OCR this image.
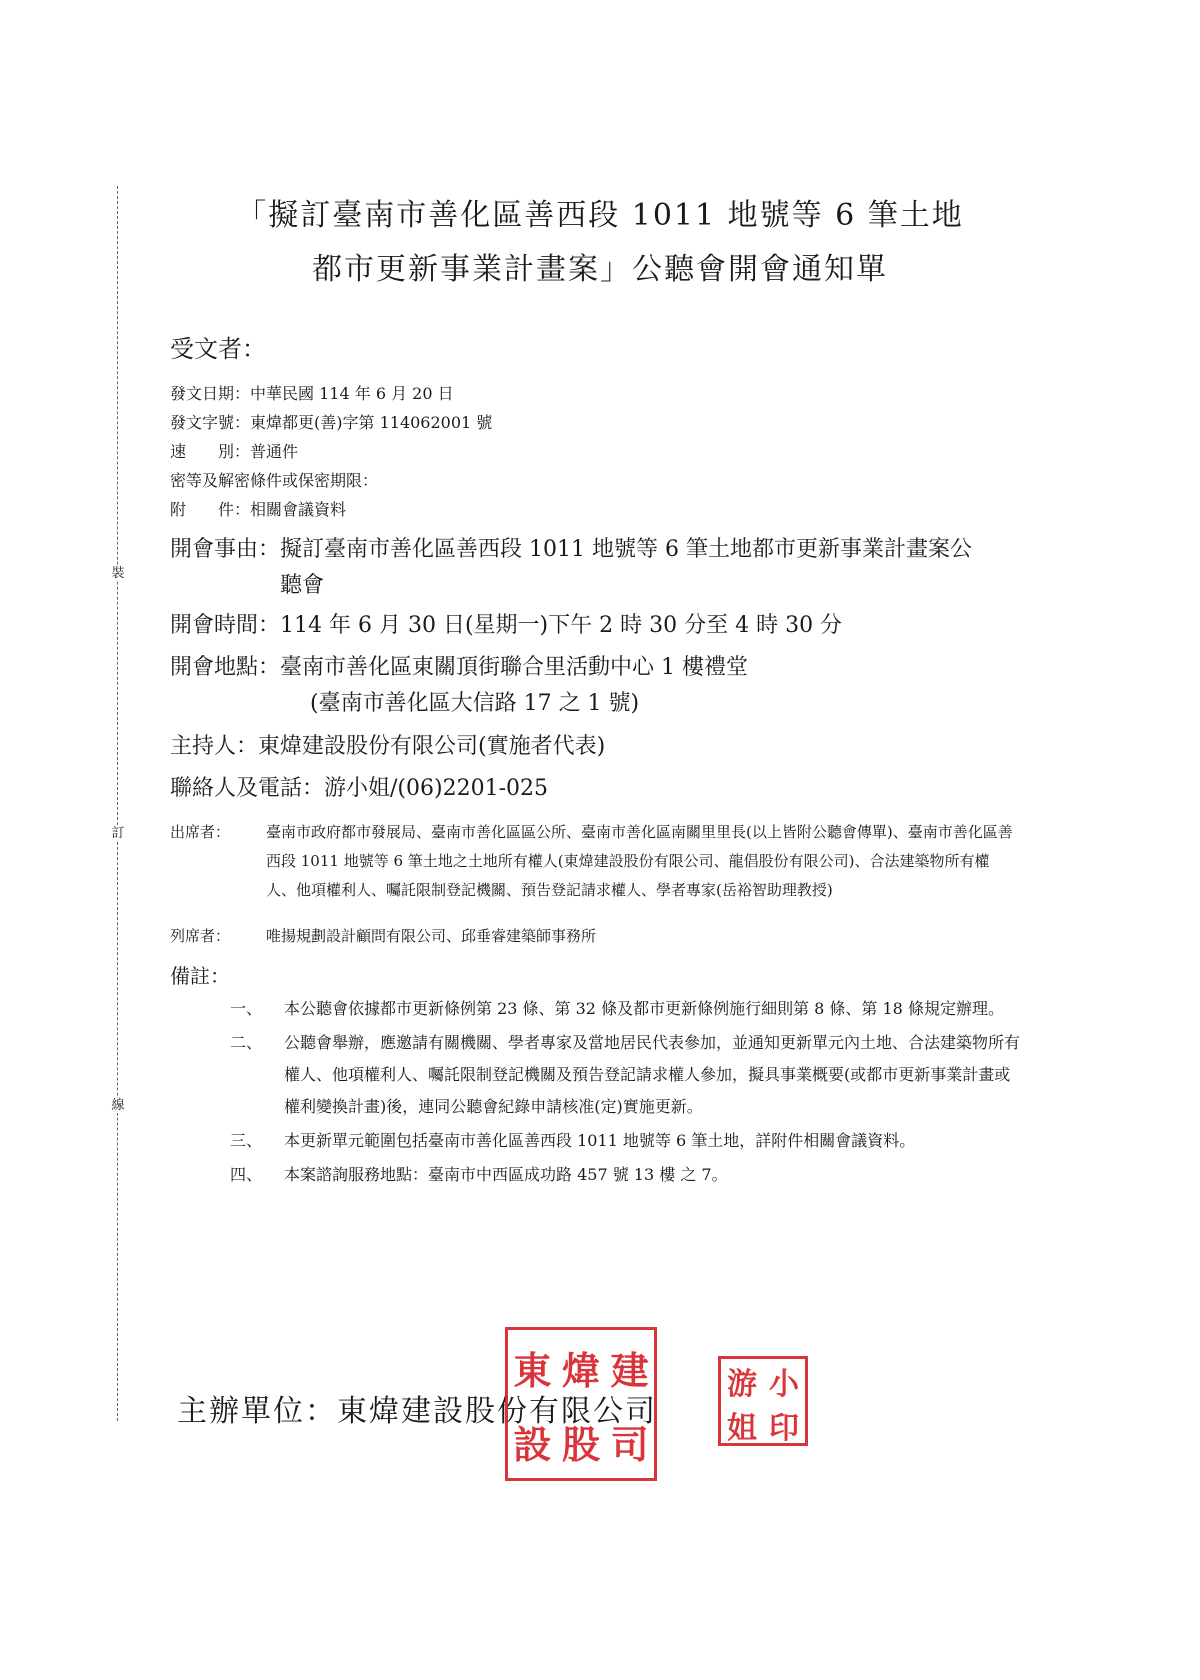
裝
訂
線
「擬訂臺南市善化區善西段 1011 地號等 6 筆土地
都市更新事業計畫案」公聽會開會通知單
受文者：
發文日期：中華民國 114 年 6 月 20 日
發文字號：東煒都更(善)字第 114062001 號
速　　別：普通件
密等及解密條件或保密期限：
附　　件：相關會議資料
開會事由： 擬訂臺南市善化區善西段 1011 地號等 6 筆土地都市更新事業計畫案公聽會
開會時間：114 年 6 月 30 日(星期一)下午 2 時 30 分至 4 時 30 分
開會地點：臺南市善化區東關頂街聯合里活動中心 1 樓禮堂
(臺南市善化區大信路 17 之 1 號)
主持人：東煒建設股份有限公司(實施者代表)
聯絡人及電話：游小姐/(06)2201-025
出席者：	臺南市政府都市發展局、臺南市善化區區公所、臺南市善化區南關里里長(以上皆附公聽會傳單)、臺南市善化區善西段 1011 地號等 6 筆土地之土地所有權人(東煒建設股份有限公司、龍倡股份有限公司)、合法建築物所有權人、他項權利人、囑託限制登記機關、預告登記請求權人、學者專家(岳裕智助理教授)
列席者：	唯揚規劃設計顧問有限公司、邱垂睿建築師事務所
備註：
一、	本公聽會依據都市更新條例第 23 條、第 32 條及都市更新條例施行細則第 8 條、第 18 條規定辦理。
二、	公聽會舉辦，應邀請有關機關、學者專家及當地居民代表參加，並通知更新單元內土地、合法建築物所有權人、他項權利人、囑託限制登記機關及預告登記請求權人參加，擬具事業概要(或都市更新事業計畫或權利變換計畫)後，連同公聽會紀錄申請核准(定)實施更新。
三、	本更新單元範圍包括臺南市善化區善西段 1011 地號等 6 筆土地，詳附件相關會議資料。
四、	本案諮詢服務地點：臺南市中西區成功路 457 號 13 樓 之 7。
主辦單位：東煒建設股份有限公司
東 煒 建
設 股 司
游 小
姐 印
